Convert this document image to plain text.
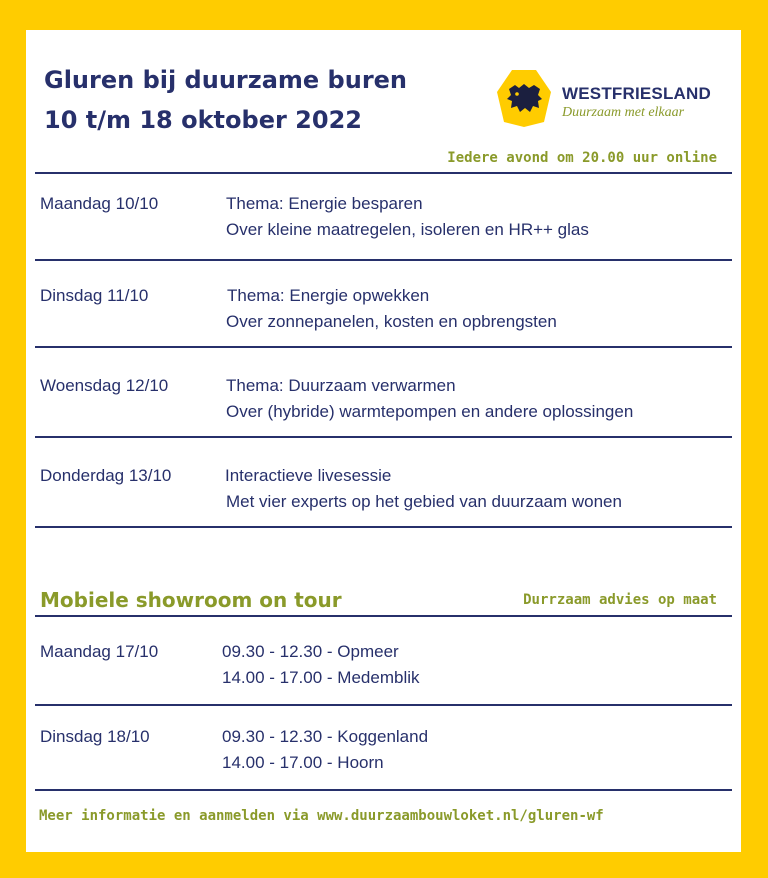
Gluren bij duurzame buren
10 t/m 18 oktober 2022
WESTFRIESLAND
Duurzaam met elkaar
Iedere avond om 20.00 uur online
Maandag 10/10	Thema: Energie besparen
Over kleine maatregelen, isoleren en HR++ glas
Dinsdag 11/10	Thema: Energie opwekken
Over zonnepanelen, kosten en opbrengsten
Woensdag 12/10	Thema: Duurzaam verwarmen
Over (hybride) warmtepompen en andere oplossingen
Donderdag 13/10	Interactieve livesessie
Met vier experts op het gebied van duurzaam wonen
Mobiele showroom on tour	Durrzaam advies op maat
Maandag 17/10	09.30 - 12.30 - Opmeer
14.00 - 17.00 - Medemblik
Dinsdag 18/10	09.30 - 12.30 - Koggenland
14.00 - 17.00 - Hoorn
Meer informatie en aanmelden via www.duurzaambouwloket.nl/gluren-wf
